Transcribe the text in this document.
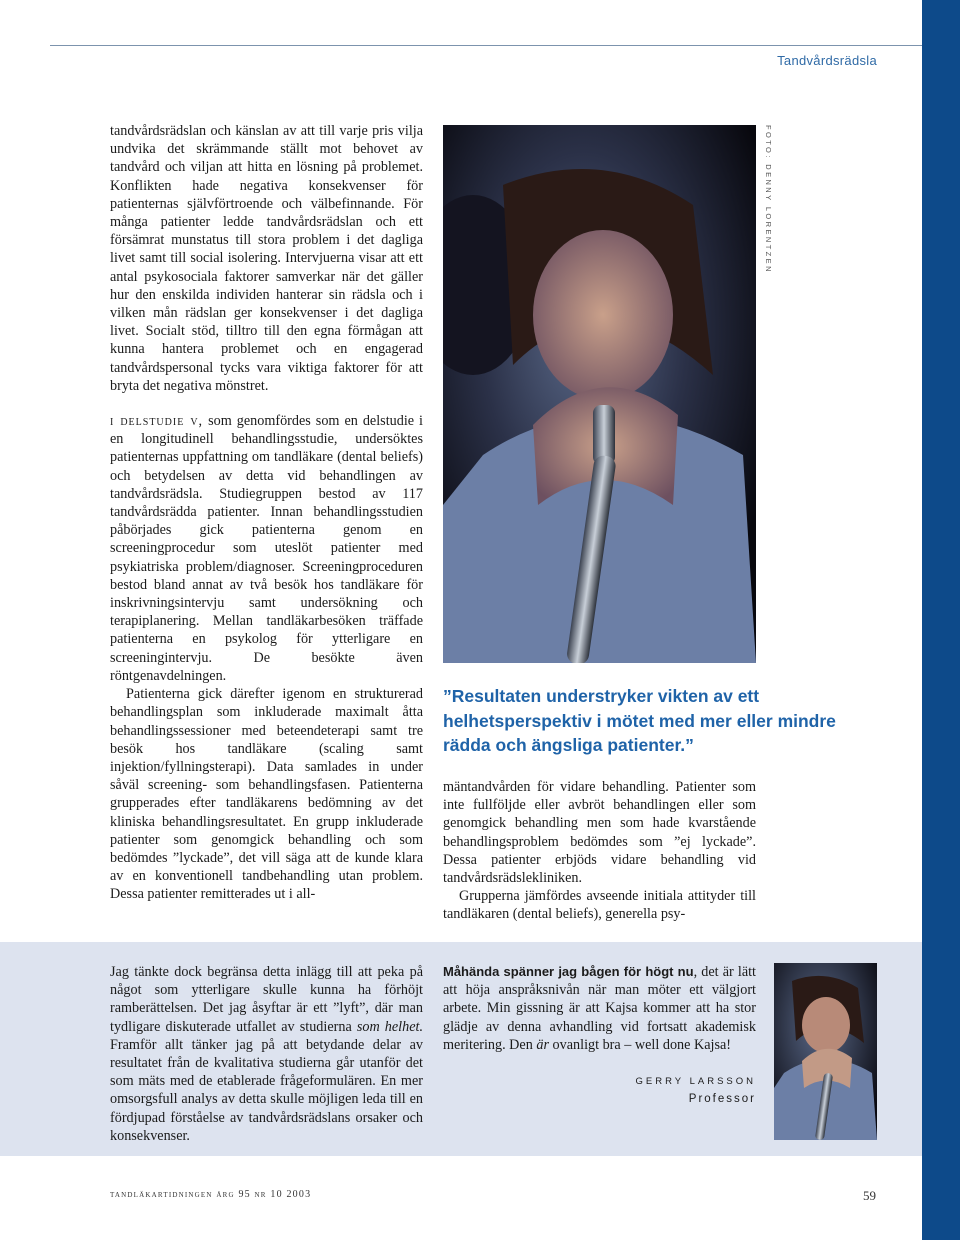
Tandvårdsrädsla

tandvårdsrädslan och känslan av att till varje pris vilja undvika det skrämmande ställt mot behovet av tandvård och viljan att hitta en lösning på problemet. Konflikten hade negativa konsekvenser för patienternas självförtroende och välbefinnande. För många patienter ledde tandvårdsrädslan och ett försämrat munstatus till stora problem i det dagliga livet samt till social isolering. Intervjuerna visar att ett antal psykosociala faktorer samverkar när det gäller hur den enskilda individen hanterar sin rädsla och i vilken mån rädslan ger konsekvenser i det dagliga livet. Socialt stöd, tilltro till den egna förmågan att kunna hantera problemet och en engagerad tandvårdspersonal tycks vara viktiga faktorer för att bryta det negativa mönstret.

i delstudie v, som genomfördes som en delstudie i en longitudinell behandlingsstudie, undersöktes patienternas uppfattning om tandläkare (dental beliefs) och betydelsen av detta vid behandlingen av tandvårdsrädsla. Studiegruppen bestod av 117 tandvårdsrädda patienter. Innan behandlingsstudien påbörjades gick patienterna genom en screeningprocedur som uteslöt patienter med psykiatriska problem/diagnoser. Screeningproceduren bestod bland annat av två besök hos tandläkare för inskrivningsintervju samt undersökning och terapiplanering. Mellan tandläkarbesöken träffade patienterna en psykolog för ytterligare en screeningintervju. De besökte även röntgenavdelningen.

Patienterna gick därefter igenom en strukturerad behandlingsplan som inkluderade maximalt åtta behandlingssessioner med beteendeterapi samt tre besök hos tandläkare (scaling samt injektion/fyllningsterapi). Data samlades in under såväl screening- som behandlingsfasen. Patienterna grupperades efter tandläkarens bedömning av det kliniska behandlingsresultatet. En grupp inkluderade patienter som genomgick behandling och som bedömdes ”lyckade”, det vill säga att de kunde klara av en konventionell tandbehandling utan problem. Dessa patienter remitterades ut i all-

FOTO: DENNY LORENTZEN
”Resultaten understryker vikten av ett helhetsperspektiv i mötet med mer eller mindre rädda och ängsliga patienter.”

mäntandvården för vidare behandling. Patienter som inte fullföljde eller avbröt behandlingen eller som genomgick behandling men som hade kvarstående behandlingsproblem bedömdes som ”ej lyckade”. Dessa patienter erbjöds vidare behandling vid tandvårdsrädslekliniken.

Grupperna jämfördes avseende initiala attityder till tandläkaren (dental beliefs), generella psy-

Jag tänkte dock begränsa detta inlägg till att peka på något som ytterligare skulle kunna ha förhöjt ramberättelsen. Det jag åsyftar är ett ”lyft”, där man tydligare diskuterade utfallet av studierna som helhet. Framför allt tänker jag på att betydande delar av resultatet från de kvalitativa studierna går utanför det som mäts med de etablerade frågeformulären. En mer omsorgsfull analys av detta skulle möjligen leda till en fördjupad förståelse av tandvårdsrädslans orsaker och konsekvenser.
Måhända spänner jag bågen för högt nu, det är lätt att höja anspråksnivån när man möter ett välgjort arbete. Min gissning är att Kajsa kommer att ha stor glädje av denna avhandling vid fortsatt akademisk meritering. Den är ovanligt bra – well done Kajsa!
GERRY LARSSON
Professor
tandläkartidningen årg 95 nr 10 2003	59
